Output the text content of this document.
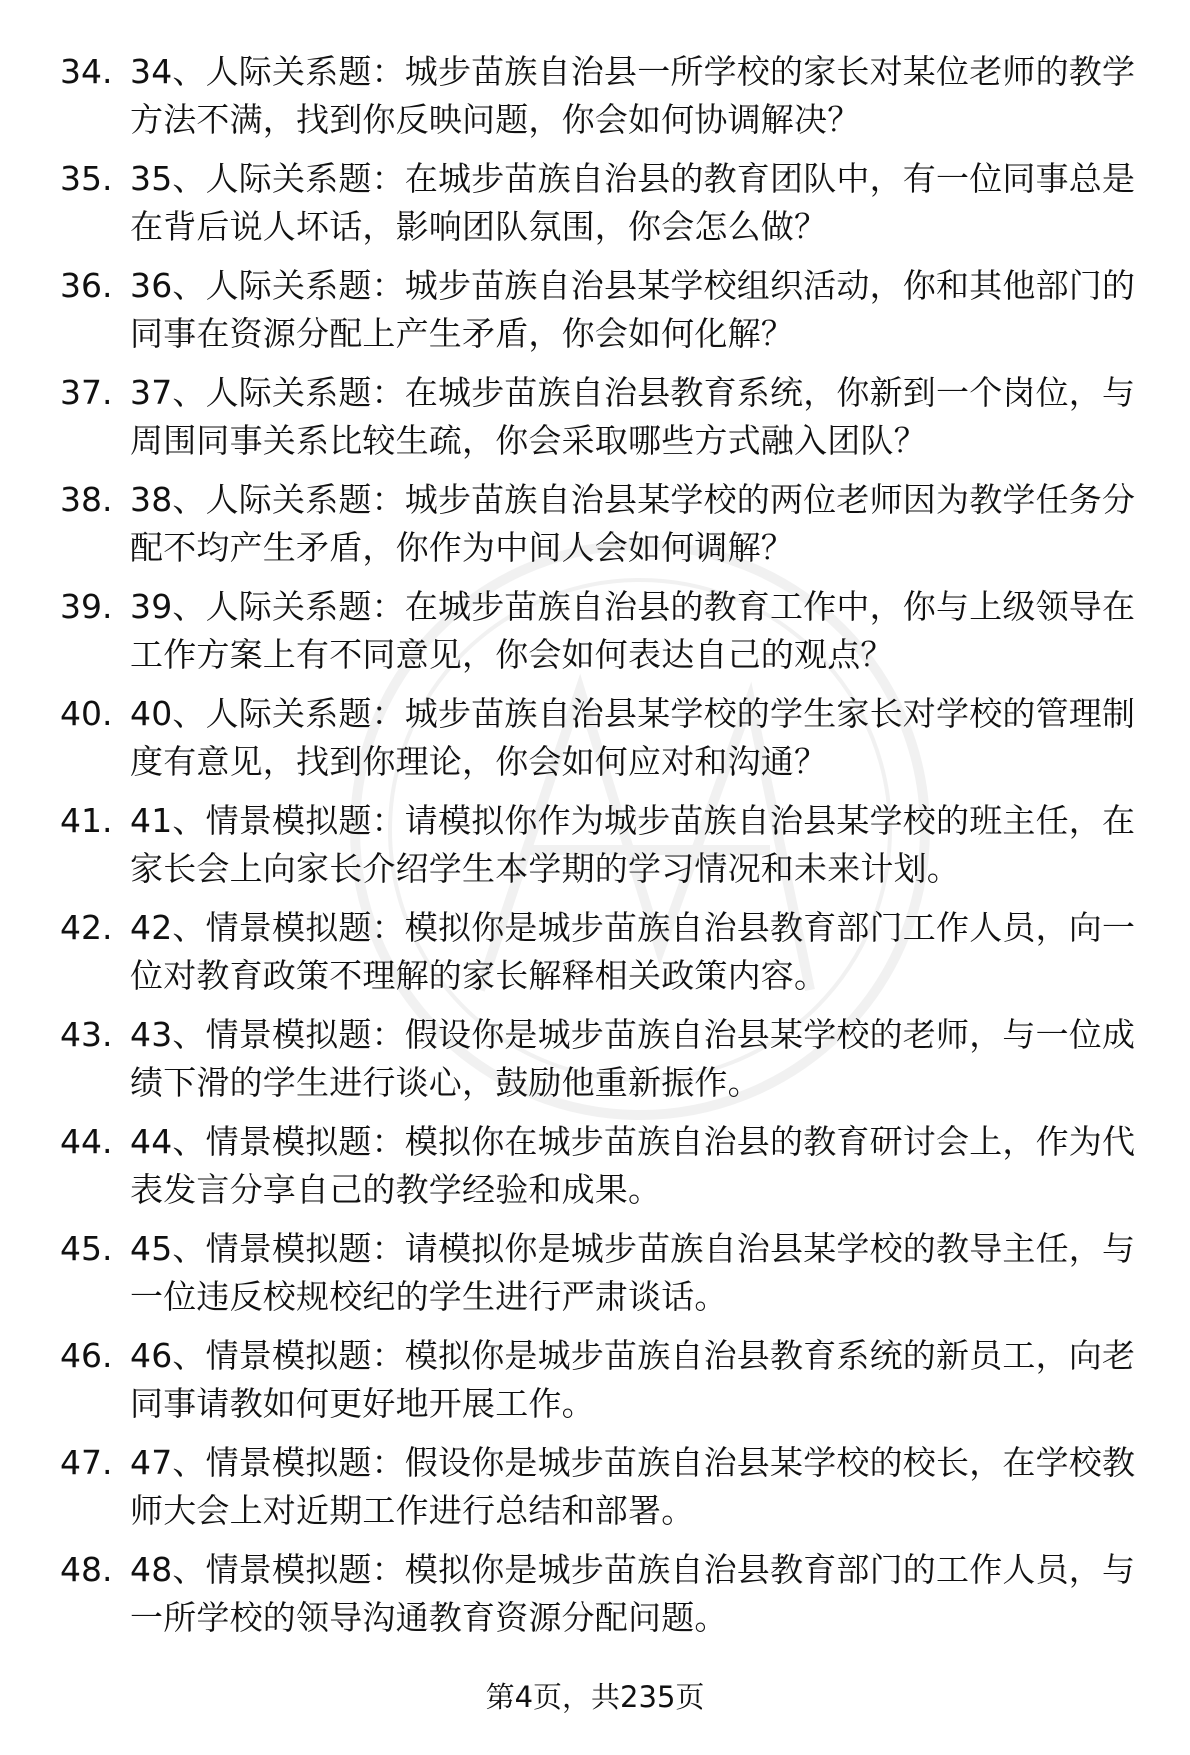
34. 34、人际关系题：城步苗族自治县一所学校的家长对某位老师的教学方法不满，找到你反映问题，你会如何协调解决？
35. 35、人际关系题：在城步苗族自治县的教育团队中，有一位同事总是在背后说人坏话，影响团队氛围，你会怎么做？
36. 36、人际关系题：城步苗族自治县某学校组织活动，你和其他部门的同事在资源分配上产生矛盾，你会如何化解？
37. 37、人际关系题：在城步苗族自治县教育系统，你新到一个岗位，与周围同事关系比较生疏，你会采取哪些方式融入团队？
38. 38、人际关系题：城步苗族自治县某学校的两位老师因为教学任务分配不均产生矛盾，你作为中间人会如何调解？
39. 39、人际关系题：在城步苗族自治县的教育工作中，你与上级领导在工作方案上有不同意见，你会如何表达自己的观点？
40. 40、人际关系题：城步苗族自治县某学校的学生家长对学校的管理制度有意见，找到你理论，你会如何应对和沟通？
41. 41、情景模拟题：请模拟你作为城步苗族自治县某学校的班主任，在家长会上向家长介绍学生本学期的学习情况和未来计划。
42. 42、情景模拟题：模拟你是城步苗族自治县教育部门工作人员，向一位对教育政策不理解的家长解释相关政策内容。
43. 43、情景模拟题：假设你是城步苗族自治县某学校的老师，与一位成绩下滑的学生进行谈心，鼓励他重新振作。
44. 44、情景模拟题：模拟你在城步苗族自治县的教育研讨会上，作为代表发言分享自己的教学经验和成果。
45. 45、情景模拟题：请模拟你是城步苗族自治县某学校的教导主任，与一位违反校规校纪的学生进行严肃谈话。
46. 46、情景模拟题：模拟你是城步苗族自治县教育系统的新员工，向老同事请教如何更好地开展工作。
47. 47、情景模拟题：假设你是城步苗族自治县某学校的校长，在学校教师大会上对近期工作进行总结和部署。
48. 48、情景模拟题：模拟你是城步苗族自治县教育部门的工作人员，与一所学校的领导沟通教育资源分配问题。
第4页，共235页
